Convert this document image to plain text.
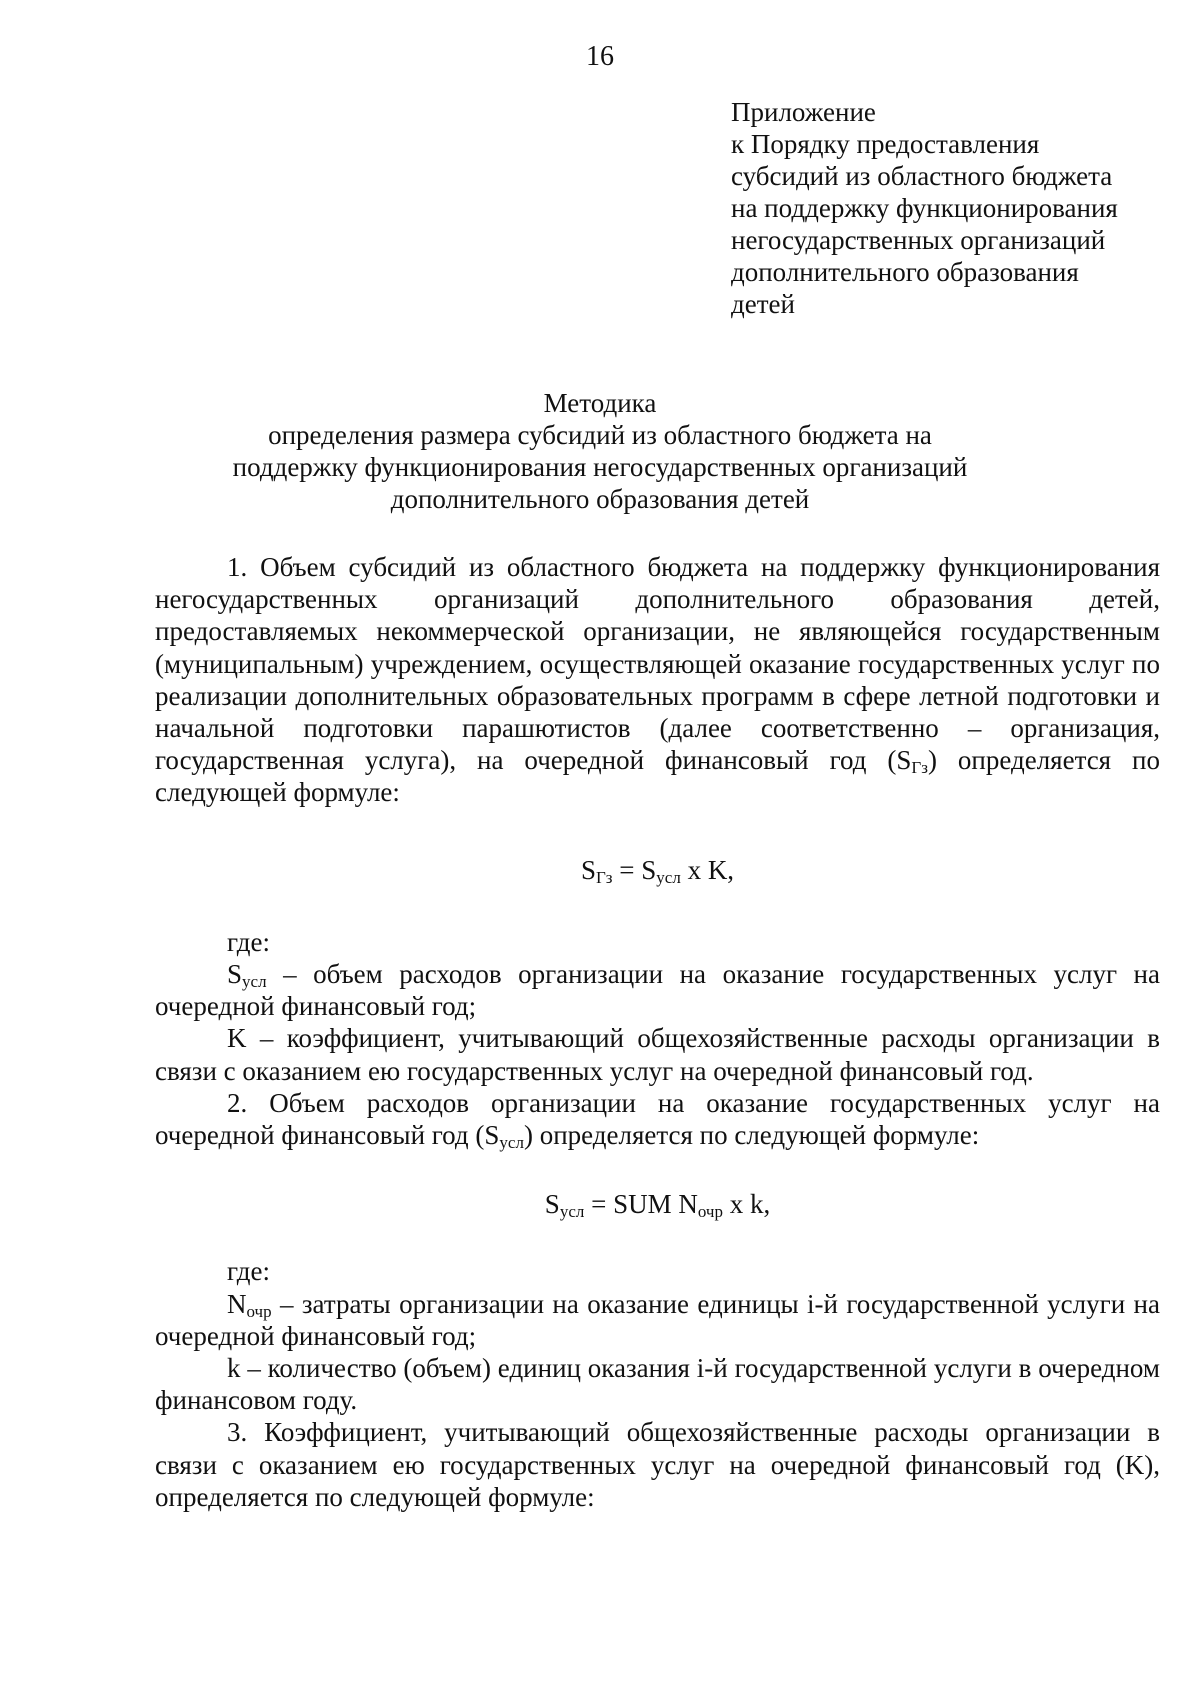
16
Приложение
к Порядку предоставления
субсидий из областного бюджета
на поддержку функционирования
негосударственных организаций
дополнительного образования
детей
Методика
определения размера субсидий из областного бюджета на
поддержку функционирования негосударственных организаций
дополнительного образования детей

1. Объем субсидий из областного бюджета на поддержку функционирования негосударственных организаций дополнительного образования детей, предоставляемых некоммерческой организации, не являющейся государственным (муниципальным) учреждением, осуществляющей оказание государственных услуг по реализации дополнительных образовательных программ в сфере летной подготовки и начальной подготовки парашютистов (далее соответственно – организация, государственная услуга), на очередной финансовый год $(S_{Гз})$ определяется по следующей формуле:

$S_{Гз} = S_{усл}$ x K,

где:

$S_{усл}$ – объем расходов организации на оказание государственных услуг на очередной финансовый год;

K – коэффициент, учитывающий общехозяйственные расходы организации в связи с оказанием ею государственных услуг на очередной финансовый год.

2. Объем расходов организации на оказание государственных услуг на очередной финансовый год $(S_{усл})$ определяется по следующей формуле:

$S_{усл}$ = SUM $N_{очр}$ x k,

где:

$N_{очр}$ – затраты организации на оказание единицы i-й государственной услуги на очередной финансовый год;

k – количество (объем) единиц оказания i-й государственной услуги в очередном финансовом году.

3. Коэффициент, учитывающий общехозяйственные расходы организации в связи с оказанием ею государственных услуг на очередной финансовый год (K), определяется по следующей формуле:
